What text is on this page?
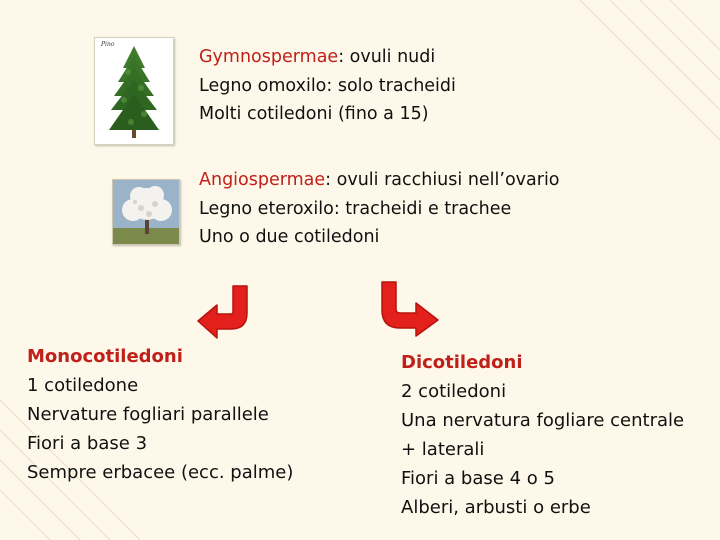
Pino
Gymnospermae: ovuli nudi
Legno omoxilo: solo tracheidi
Molti cotiledoni (fino a 15)
Angiospermae: ovuli racchiusi nell’ovario
Legno eteroxilo: tracheidi e trachee
Uno o due cotiledoni
Monocotiledoni
1 cotiledone
Nervature fogliari parallele
Fiori a base 3
Sempre erbacee (ecc. palme)
Dicotiledoni
2 cotiledoni
Una nervatura fogliare centrale
+ laterali
Fiori a base 4 o 5
Alberi, arbusti o erbe
